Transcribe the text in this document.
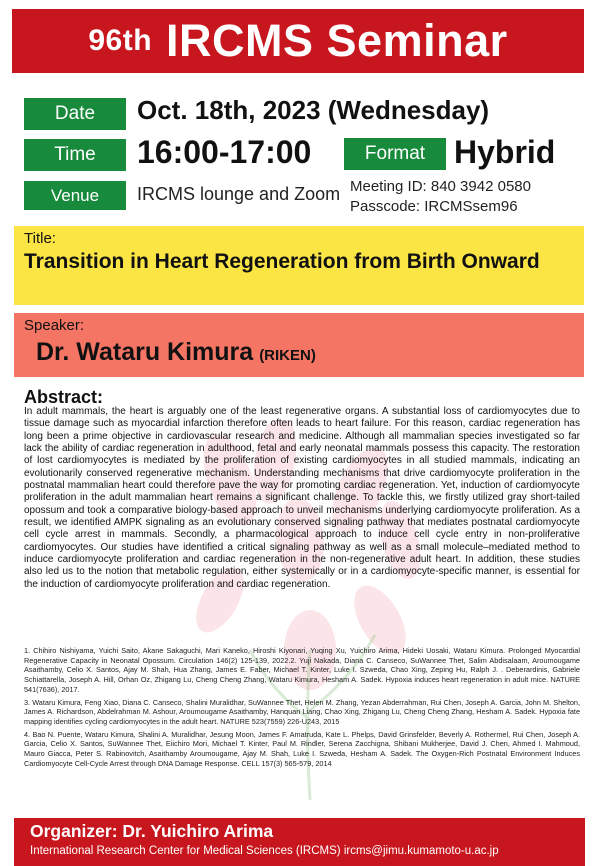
96th IRCMS Seminar
Date	Oct. 18th, 2023 (Wednesday)
Time	16:00-17:00	Format Hybrid
Venue	IRCMS lounge and Zoom Meeting ID: 840 3942 0580
Passcode: IRCMSsem96
Title:
Transition in Heart Regeneration from Birth Onward
Speaker:
Dr. Wataru Kimura (RIKEN)
Abstract:
In adult mammals, the heart is arguably one of the least regenerative organs. A substantial loss of cardiomyocytes due to tissue damage such as myocardial infarction therefore often leads to heart failure. For this reason, cardiac regeneration has long been a prime objective in cardiovascular research and medicine. Although all mammalian species investigated so far lack the ability of cardiac regeneration in adulthood, fetal and early neonatal mammals possess this capacity. The restoration of lost cardiomyocytes is mediated by the proliferation of existing cardiomyocytes in all studied mammals, indicating an evolutionarily conserved regenerative mechanism. Understanding mechanisms that drive cardiomyocyte proliferation in the postnatal mammalian heart could therefore pave the way for promoting cardiac regeneration. Yet, induction of cardiomyocyte proliferation in the adult mammalian heart remains a significant challenge. To tackle this, we firstly utilized gray short-tailed opossum and took a comparative biology-based approach to unveil mechanisms underlying cardiomyocyte proliferation. As a result, we identified AMPK signaling as an evolutionary conserved signaling pathway that mediates postnatal cardiomyocyte cell cycle arrest in mammals. Secondly, a pharmacological approach to induce cell cycle entry in non-proliferative cardiomyocytes. Our studies have identified a critical signaling pathway as well as a small molecule–mediated method to induce cardiomyocyte proliferation and cardiac regeneration in the non-regenerative adult heart. In addition, these studies also led us to the notion that metabolic regulation, either systemically or in a cardiomyocyte-specific manner, is essential for the induction of cardiomyocyte proliferation and cardiac regeneration.

1. Chihiro Nishiyama, Yuichi Saito, Akane Sakaguchi, Mari Kaneko, Hiroshi Kiyonari, Yuqing Xu, Yuichiro Arima, Hideki Uosaki, Wataru Kimura. Prolonged Myocardial Regenerative Capacity in Neonatal Opossum. Circulation 146(2) 125-139, 2022.2. Yuji Nakada, Diana C. Canseco, SuWannee Thet, Salim Abdisalaam, Aroumougame Asaithamby, Celio X. Santos, Ajay M. Shah, Hua Zhang, James E. Faber, Michael T. Kinter, Luke I. Szweda, Chao Xing, Zeping Hu, Ralph J. . Deberardinis, Gabriele Schiattarella, Joseph A. Hill, Orhan Oz, Zhigang Lu, Cheng Cheng Zhang, Wataru Kimura, Hesham A. Sadek. Hypoxia induces heart regeneration in adult mice. NATURE 541(7636), 2017.

3. Wataru Kimura, Feng Xiao, Diana C. Canseco, Shalini Muralidhar, SuWannee Thet, Helen M. Zhang, Yezan Abderrahman, Rui Chen, Joseph A. Garcia, John M. Shelton, James A. Richardson, Abdelrahman M. Ashour, Aroumougame Asaithamby, Hanquan Liang, Chao Xing, Zhigang Lu, Cheng Cheng Zhang, Hesham A. Sadek. Hypoxia fate mapping identifies cycling cardiomyocytes in the adult heart. NATURE 523(7559) 226-U243, 2015

4. Bao N. Puente, Wataru Kimura, Shalini A. Muralidhar, Jesung Moon, James F. Amatruda, Kate L. Phelps, David Grinsfelder, Beverly A. Rothermel, Rui Chen, Joseph A. Garcia, Celio X. Santos, SuWannee Thet, Eiichiro Mori, Michael T. Kinter, Paul M. Rindler, Serena Zacchigna, Shibani Mukherjee, David J. Chen, Ahmed I. Mahmoud, Mauro Giacca, Peter S. Rabinovitch, Asaithamby Aroumougame, Ajay M. Shah, Luke I. Szweda, Hesham A. Sadek. The Oxygen-Rich Postnatal Environment Induces Cardiomyocyte Cell-Cycle Arrest through DNA Damage Response. CELL 157(3) 565-579, 2014

Organizer: Dr. Yuichiro Arima
International Research Center for Medical Sciences (IRCMS) ircms@jimu.kumamoto-u.ac.jp
